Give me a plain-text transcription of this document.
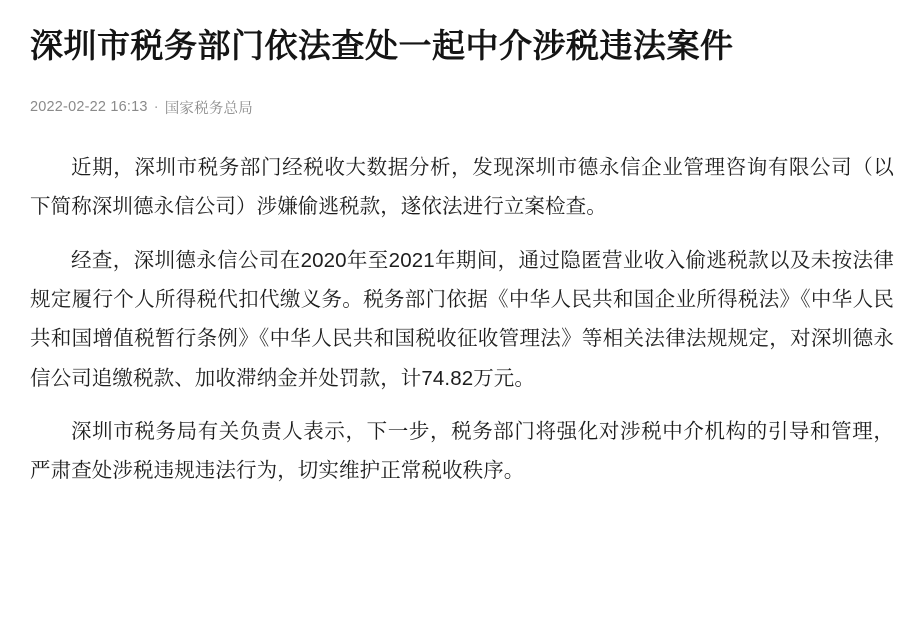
深圳市税务部门依法查处一起中介涉税违法案件
2022-02-22 16:13 · 国家税务总局

近期，深圳市税务部门经税收大数据分析，发现深圳市德永信企业管理咨询有限公司（以下简称深圳德永信公司）涉嫌偷逃税款，遂依法进行立案检查。

经查，深圳德永信公司在2020年至2021年期间，通过隐匿营业收入偷逃税款以及未按法律规定履行个人所得税代扣代缴义务。税务部门依据《中华人民共和国企业所得税法》《中华人民共和国增值税暂行条例》《中华人民共和国税收征收管理法》等相关法律法规规定，对深圳德永信公司追缴税款、加收滞纳金并处罚款，计74.82万元。

深圳市税务局有关负责人表示，下一步，税务部门将强化对涉税中介机构的引导和管理，严肃查处涉税违规违法行为，切实维护正常税收秩序。
